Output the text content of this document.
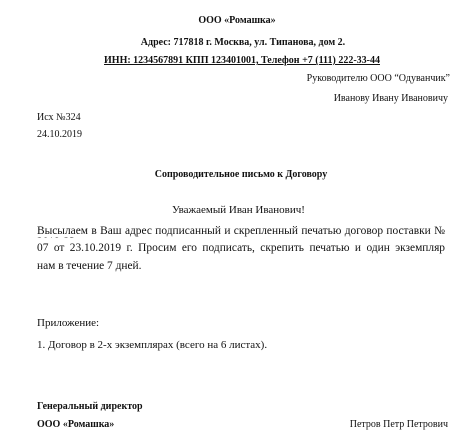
ООО «Ромашка»
Адрес: 717818 г. Москва, ул. Типанова, дом 2.
ИНН: 1234567891 КПП 123401001, Телефон +7 (111) 222-33-44
Руководителю ООО “Одуванчик”
Иванову Ивану Ивановичу
Исх №324
24.10.2019
Сопроводительное письмо к Договору
Уважаемый Иван Иванович!
Высылаем в Ваш адрес подписанный и скрепленный печатью договор поставки №
07 от 23.10.2019 г. Просим его подписать, скрепить печатью и один экземпляр
нам в течение 7 дней.
Приложение:
1. Договор в 2-х экземплярах (всего на 6 листах).
Генеральный директор
ООО «Ромашка»	Петров Петр Петрович
